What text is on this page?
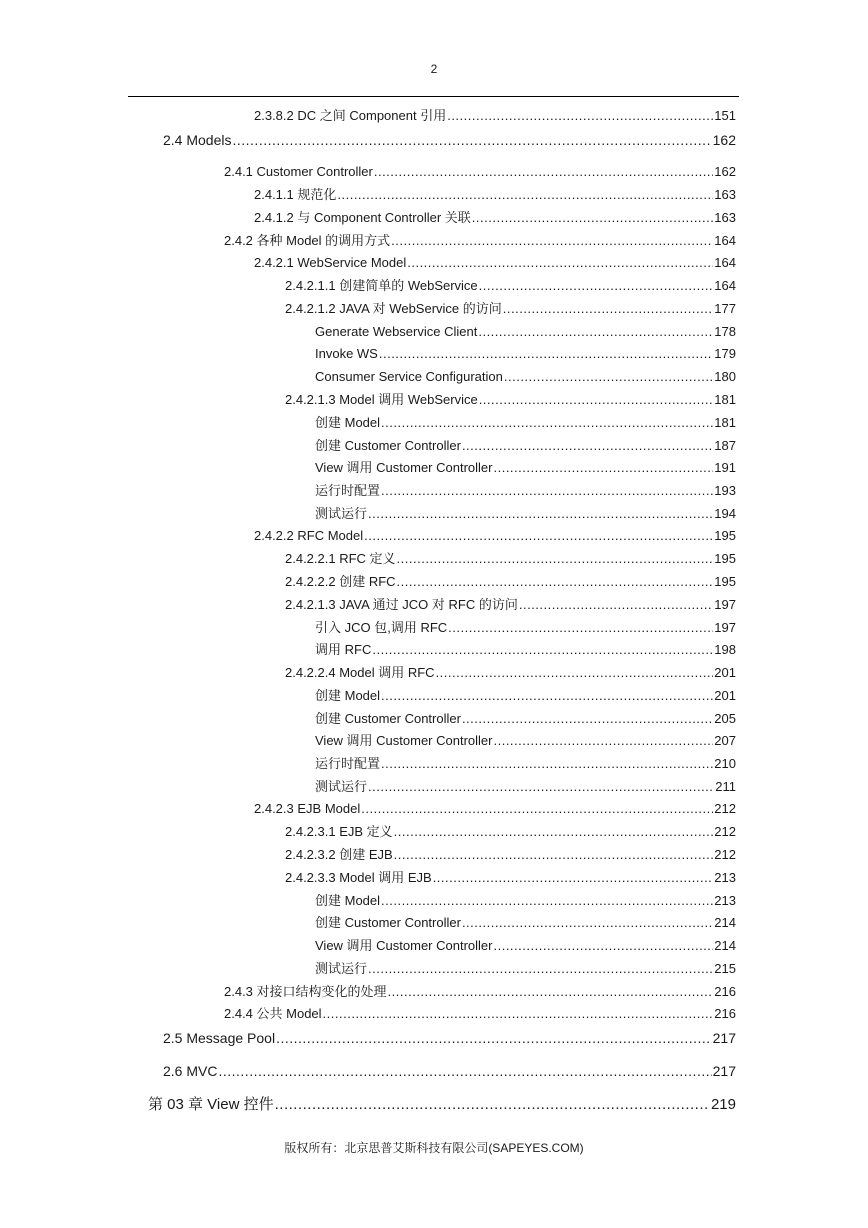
2
2.3.8.2 DC 之间 Component 引用 .....	151
2.4 Models .....	162
2.4.1 Customer Controller .....	162
2.4.1.1 规范化 .....	163
2.4.1.2 与 Component Controller 关联 .....	163
2.4.2 各种 Model 的调用方式 .....	164
2.4.2.1 WebService Model .....	164
2.4.2.1.1 创建简单的 WebService .....	164
2.4.2.1.2 JAVA 对 WebService 的访问 .....	177
Generate Webservice Client .....	178
Invoke WS .....	179
Consumer Service Configuration .....	180
2.4.2.1.3 Model 调用 WebService .....	181
创建 Model .....	181
创建 Customer Controller .....	187
View 调用 Customer Controller .....	191
运行时配置 .....	193
测试运行 .....	194
2.4.2.2 RFC Model .....	195
2.4.2.2.1 RFC 定义 .....	195
2.4.2.2.2 创建 RFC .....	195
2.4.2.1.3 JAVA 通过 JCO 对 RFC 的访问 .....	197
引入 JCO 包,调用 RFC .....	197
调用 RFC .....	198
2.4.2.2.4 Model 调用 RFC .....	201
创建 Model .....	201
创建 Customer Controller .....	205
View 调用 Customer Controller .....	207
运行时配置 .....	210
测试运行 .....	211
2.4.2.3 EJB Model .....	212
2.4.2.3.1 EJB 定义 .....	212
2.4.2.3.2 创建 EJB .....	212
2.4.2.3.3 Model 调用 EJB .....	213
创建 Model .....	213
创建 Customer Controller .....	214
View 调用 Customer Controller .....	214
测试运行 .....	215
2.4.3 对接口结构变化的处理 .....	216
2.4.4 公共 Model .....	216
2.5 Message Pool .....	217
2.6 MVC .....	217
第 03 章 View 控件 .....	219
版权所有：北京思普艾斯科技有限公司(SAPEYES.COM)
